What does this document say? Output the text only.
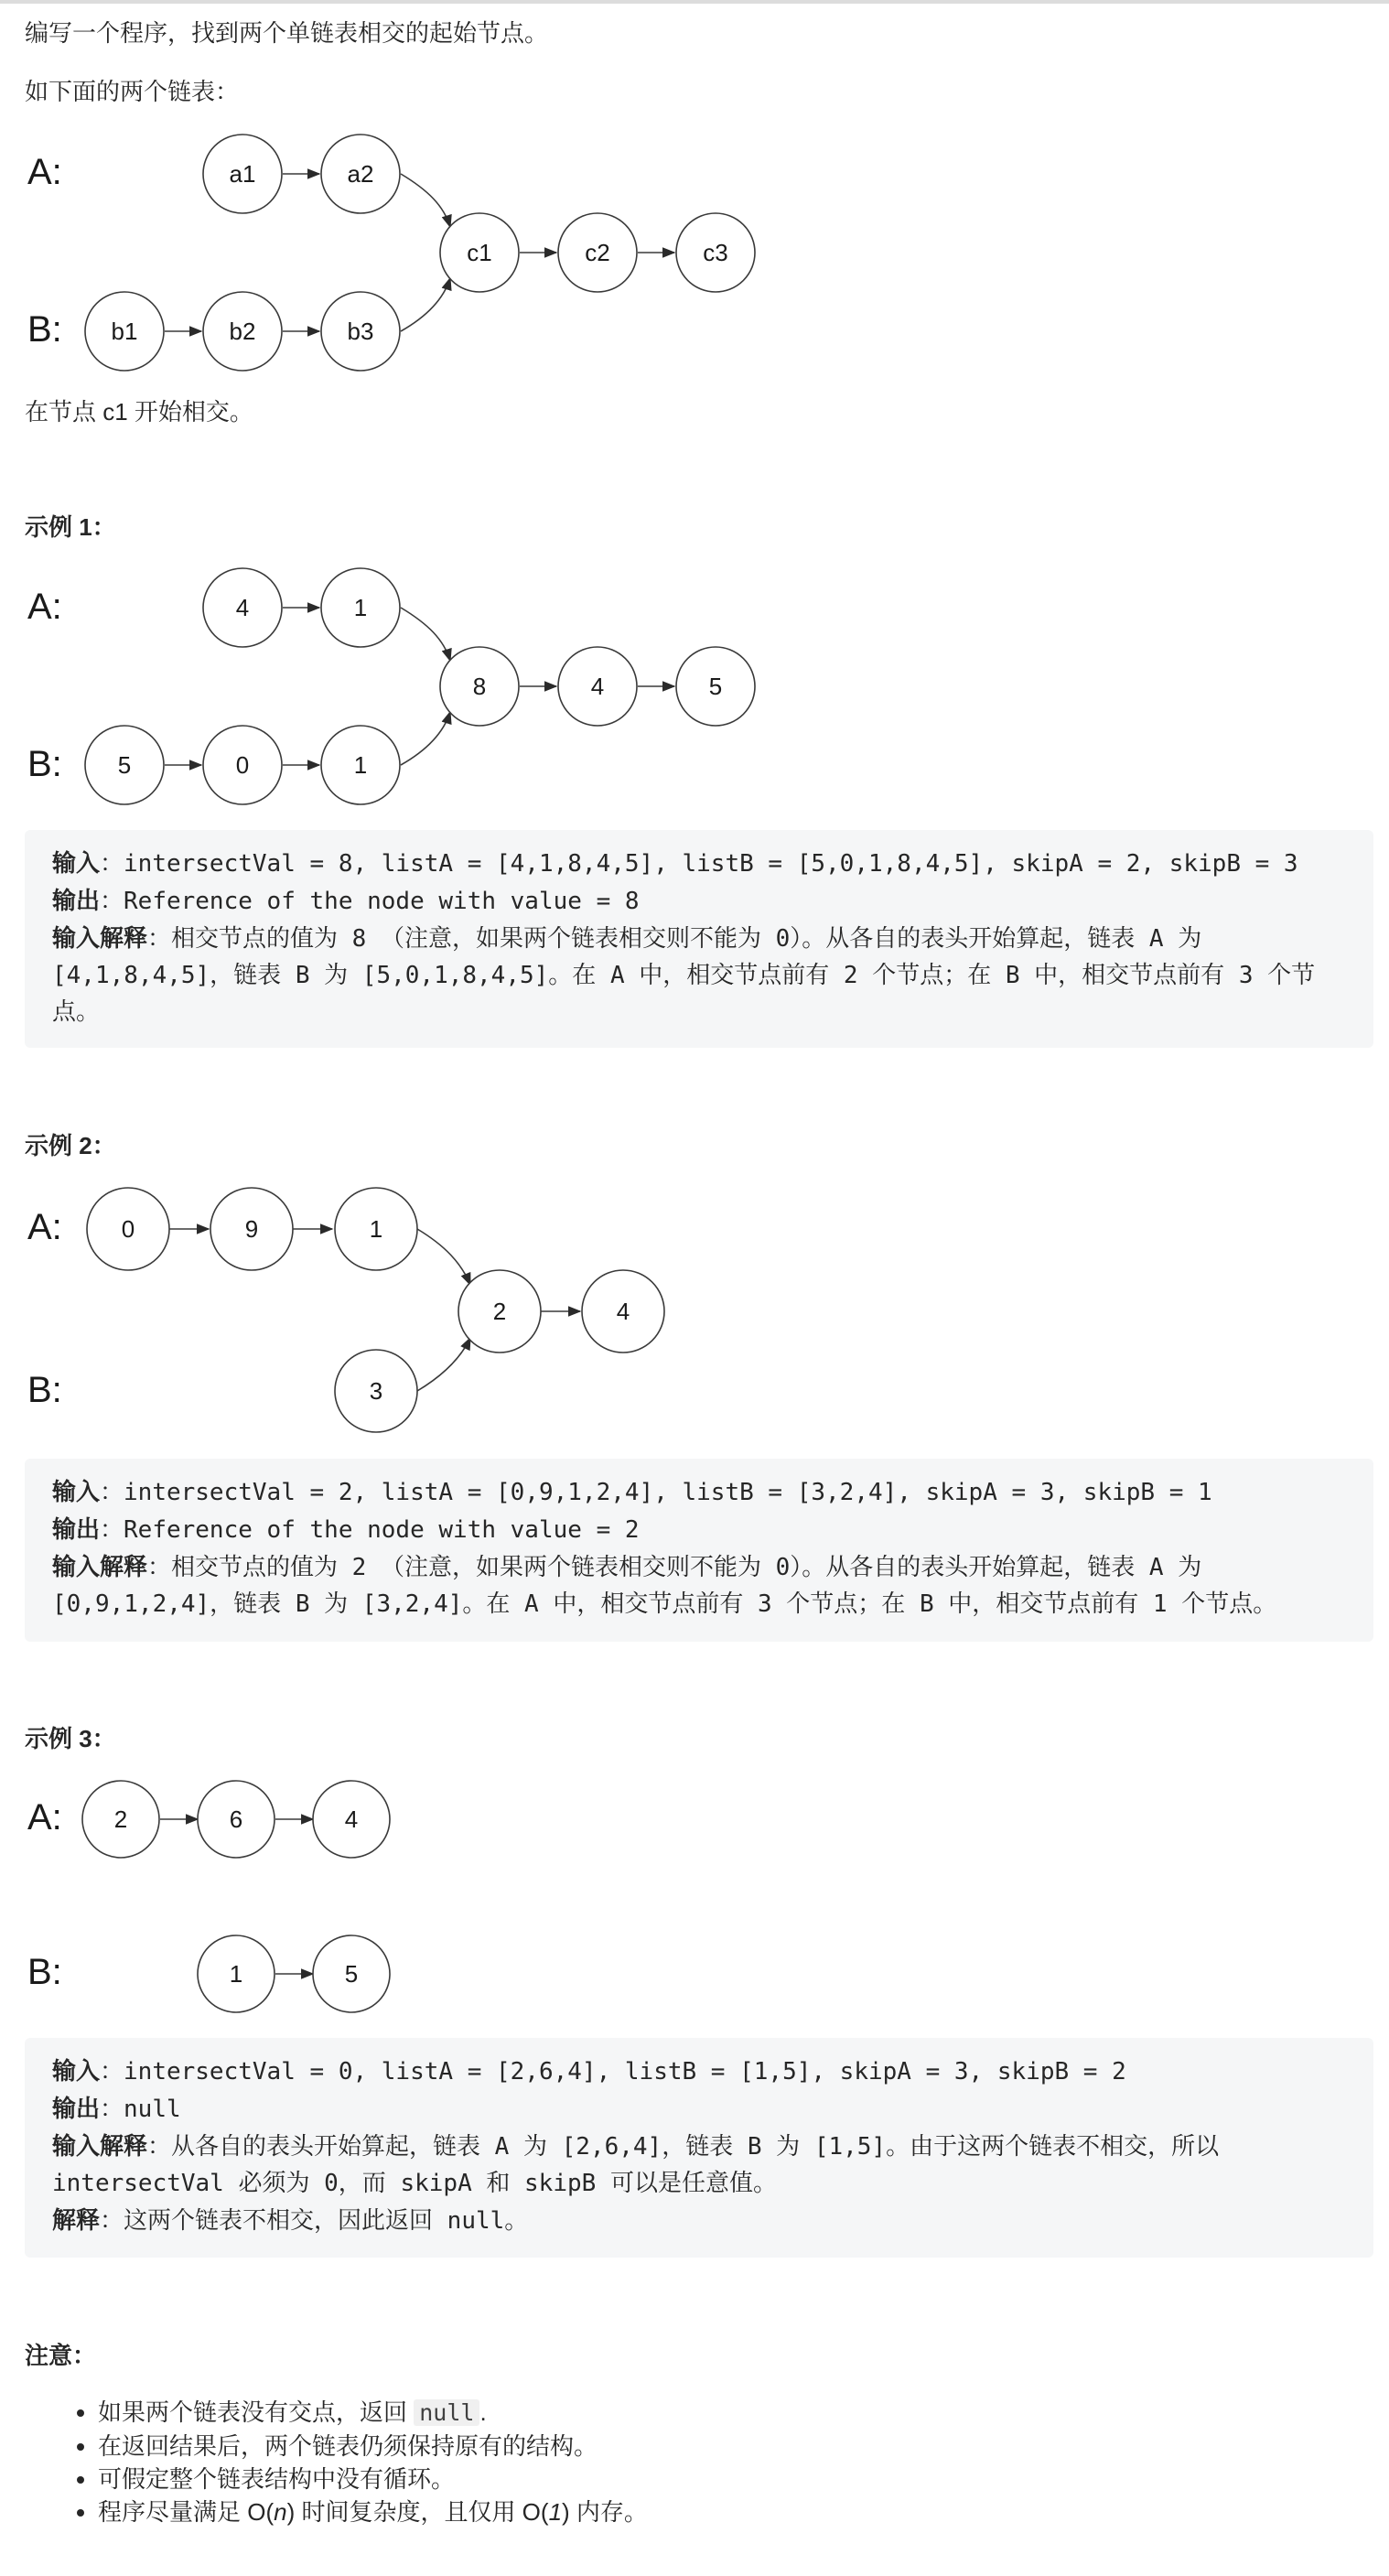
编写一个程序，找到两个单链表相交的起始节点。
如下面的两个链表：
A:
B:
a1	a2
b1	b2	b3
c1	c2	c3
在节点 c1 开始相交。
示例 1：
A:
B:
4	1
5	0	1
8	4	5
输入：intersectVal = 8, listA = [4,1,8,4,5], listB = [5,0,1,8,4,5], skipA = 2, skipB = 3
输出：Reference of the node with value = 8
输入解释：相交节点的值为 8 （注意，如果两个链表相交则不能为 0）。从各自的表头开始算起，链表 A 为
[4,1,8,4,5]，链表 B 为 [5,0,1,8,4,5]。在 A 中，相交节点前有 2 个节点；在 B 中，相交节点前有 3 个节
点。
示例 2：
A:
B:
0	9	1
3
2	4
输入：intersectVal = 2, listA = [0,9,1,2,4], listB = [3,2,4], skipA = 3, skipB = 1
输出：Reference of the node with value = 2
输入解释：相交节点的值为 2 （注意，如果两个链表相交则不能为 0）。从各自的表头开始算起，链表 A 为
[0,9,1,2,4]，链表 B 为 [3,2,4]。在 A 中，相交节点前有 3 个节点；在 B 中，相交节点前有 1 个节点。
示例 3：
A:
B:
2	6	4
1	5
输入：intersectVal = 0, listA = [2,6,4], listB = [1,5], skipA = 3, skipB = 2
输出：null
输入解释：从各自的表头开始算起，链表 A 为 [2,6,4]，链表 B 为 [1,5]。由于这两个链表不相交，所以
intersectVal 必须为 0，而 skipA 和 skipB 可以是任意值。
解释：这两个链表不相交，因此返回 null。
注意：
• 如果两个链表没有交点，返回 null .
• 在返回结果后，两个链表仍须保持原有的结构。
• 可假定整个链表结构中没有循环。
• 程序尽量满足 O(n) 时间复杂度，且仅用 O(1) 内存。
